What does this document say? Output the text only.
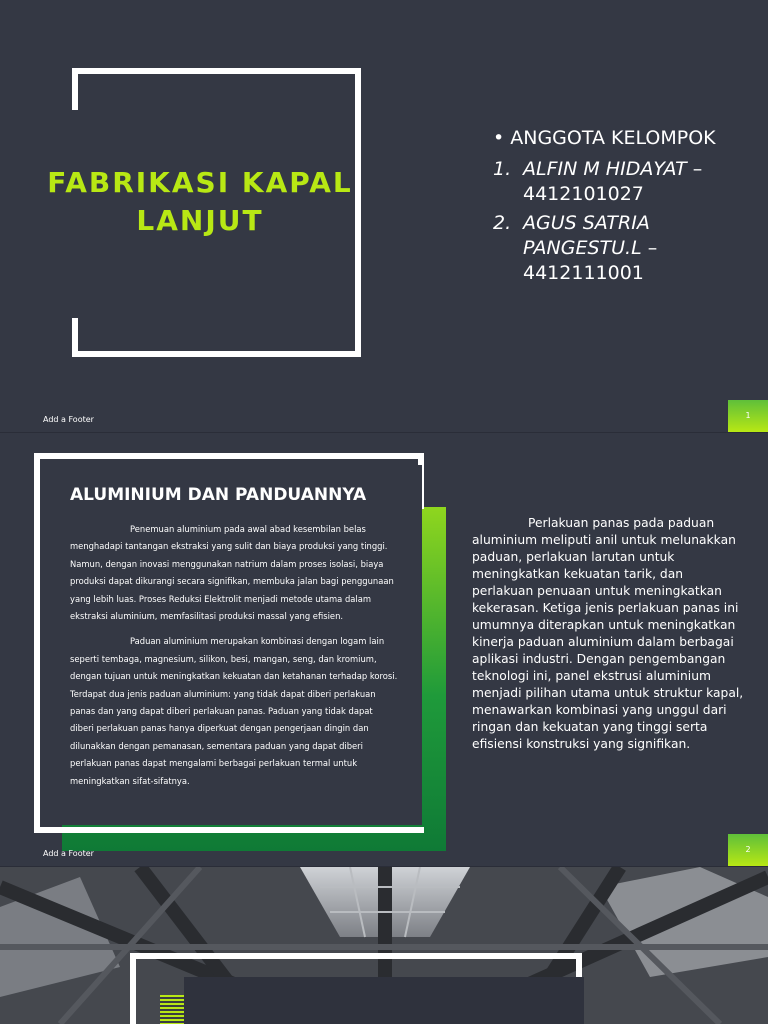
FABRIKASI KAPAL LANJUT
• ANGGOTA KELOMPOK
1. ALFIN M HIDAYAT – 4412101027
2. AGUS SATRIA PANGESTU.L – 4412111001
Add a Footer	1
ALUMINIUM DAN PANDUANNYA

Penemuan aluminium pada awal abad kesembilan belas menghadapi tantangan ekstraksi yang sulit dan biaya produksi yang tinggi. Namun, dengan inovasi menggunakan natrium dalam proses isolasi, biaya produksi dapat dikurangi secara signifikan, membuka jalan bagi penggunaan yang lebih luas. Proses Reduksi Elektrolit menjadi metode utama dalam ekstraksi aluminium, memfasilitasi produksi massal yang efisien.

Paduan aluminium merupakan kombinasi dengan logam lain seperti tembaga, magnesium, silikon, besi, mangan, seng, dan kromium, dengan tujuan untuk meningkatkan kekuatan dan ketahanan terhadap korosi. Terdapat dua jenis paduan aluminium: yang tidak dapat diberi perlakuan panas dan yang dapat diberi perlakuan panas. Paduan yang tidak dapat diberi perlakuan panas hanya diperkuat dengan pengerjaan dingin dan dilunakkan dengan pemanasan, sementara paduan yang dapat diberi perlakuan panas dapat mengalami berbagai perlakuan termal untuk meningkatkan sifat-sifatnya.

Perlakuan panas pada paduan aluminium meliputi anil untuk melunakkan paduan, perlakuan larutan untuk meningkatkan kekuatan tarik, dan perlakuan penuaan untuk meningkatkan kekerasan. Ketiga jenis perlakuan panas ini umumnya diterapkan untuk meningkatkan kinerja paduan aluminium dalam berbagai aplikasi industri. Dengan pengembangan teknologi ini, panel ekstrusi aluminium menjadi pilihan utama untuk struktur kapal, menawarkan kombinasi yang unggul dari ringan dan kekuatan yang tinggi serta efisiensi konstruksi yang signifikan.
Add a Footer	2
